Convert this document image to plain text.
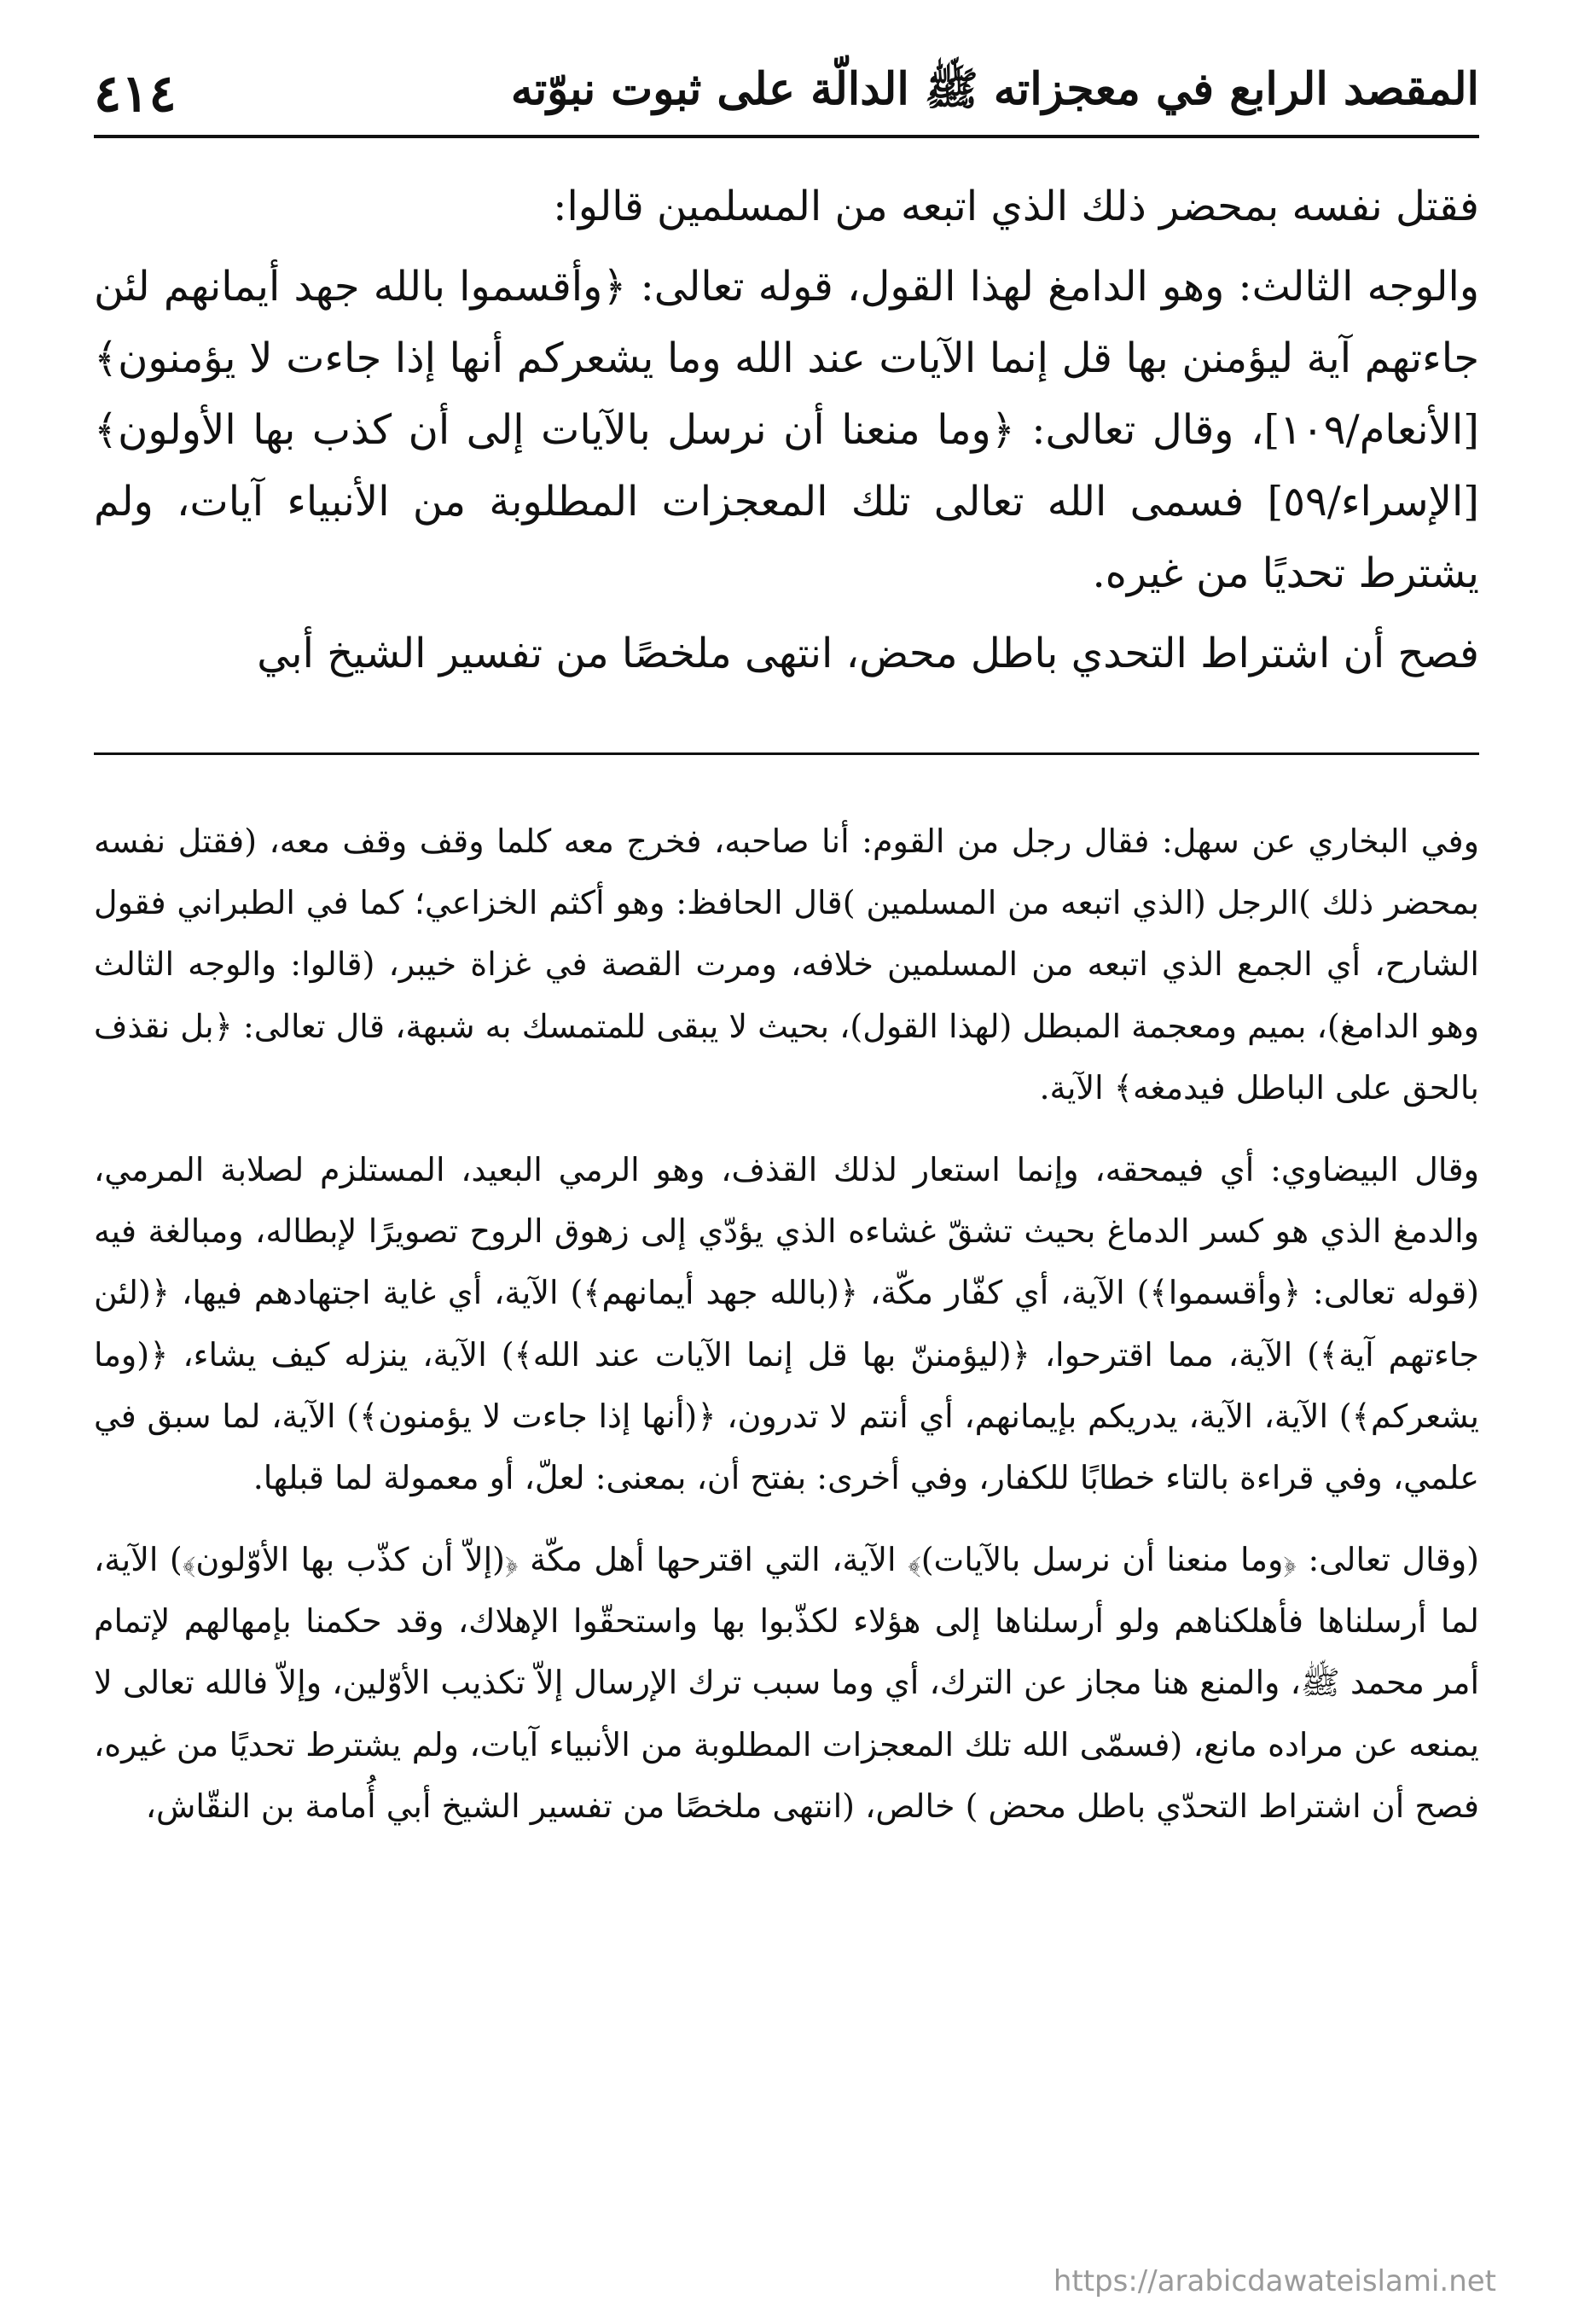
٤١٤	المقصد الرابع في معجزاته ﷺ الدالّة على ثبوت نبوّته

فقتل نفسه بمحضر ذلك الذي اتبعه من المسلمين قالوا:

والوجه الثالث: وهو الدامغ لهذا القول، قوله تعالى: ﴿وأقسموا بالله جهد أيمانهم لئن جاءتهم آية ليؤمنن بها قل إنما الآيات عند الله وما يشعركم أنها إذا جاءت لا يؤمنون﴾ [الأنعام/١٠٩]، وقال تعالى: ﴿وما منعنا أن نرسل بالآيات إلى أن كذب بها الأولون﴾ [الإسراء/٥٩] فسمى الله تعالى تلك المعجزات المطلوبة من الأنبياء آيات، ولم يشترط تحديًا من غيره.

فصح أن اشتراط التحدي باطل محض، انتهى ملخصًا من تفسير الشيخ أبي

وفي البخاري عن سهل: فقال رجل من القوم: أنا صاحبه، فخرج معه كلما وقف وقف معه، (فقتل نفسه بمحضر ذلك )الرجل (الذي اتبعه من المسلمين )قال الحافظ: وهو أكثم الخزاعي؛ كما في الطبراني فقول الشارح، أي الجمع الذي اتبعه من المسلمين خلافه، ومرت القصة في غزاة خيبر، (قالوا: والوجه الثالث وهو الدامغ)، بميم ومعجمة المبطل (لهذا القول)، بحيث لا يبقى للمتمسك به شبهة، قال تعالى: ﴿بل نقذف بالحق على الباطل فيدمغه﴾ الآية.

وقال البيضاوي: أي فيمحقه، وإنما استعار لذلك القذف، وهو الرمي البعيد، المستلزم لصلابة المرمي، والدمغ الذي هو كسر الدماغ بحيث تشقّ غشاءه الذي يؤدّي إلى زهوق الروح تصويرًا لإبطاله، ومبالغة فيه (قوله تعالى: ﴿وأقسموا﴾) الآية، أي كفّار مكّة، ﴿(بالله جهد أيمانهم﴾) الآية، أي غاية اجتهادهم فيها، ﴿(لئن جاءتهم آية﴾) الآية، مما اقترحوا، ﴿(ليؤمننّ بها قل إنما الآيات عند الله﴾) الآية، ينزله كيف يشاء، ﴿(وما يشعركم﴾) الآية، الآية، يدريكم بإيمانهم، أي أنتم لا تدرون، ﴿(أنها إذا جاءت لا يؤمنون﴾) الآية، لما سبق في علمي، وفي قراءة بالتاء خطابًا للكفار، وفي أخرى: بفتح أن، بمعنى: لعلّ، أو معمولة لما قبلها.

(وقال تعالى: ﴿وما منعنا أن نرسل بالآيات)﴾ الآية، التي اقترحها أهل مكّة ﴿(إلاّ أن كذّب بها الأوّلون﴾) الآية، لما أرسلناها فأهلكناهم ولو أرسلناها إلى هؤلاء لكذّبوا بها واستحقّوا الإهلاك، وقد حكمنا بإمهالهم لإتمام أمر محمد ﷺ، والمنع هنا مجاز عن الترك، أي وما سبب ترك الإرسال إلاّ تكذيب الأوّلين، وإلاّ فالله تعالى لا يمنعه عن مراده مانع، (فسمّى الله تلك المعجزات المطلوبة من الأنبياء آيات، ولم يشترط تحديًا من غيره، فصح أن اشتراط التحدّي باطل محض ) خالص، (انتهى ملخصًا من تفسير الشيخ أبي أُمامة بن النقّاش،

https://arabicdawateislami.net
